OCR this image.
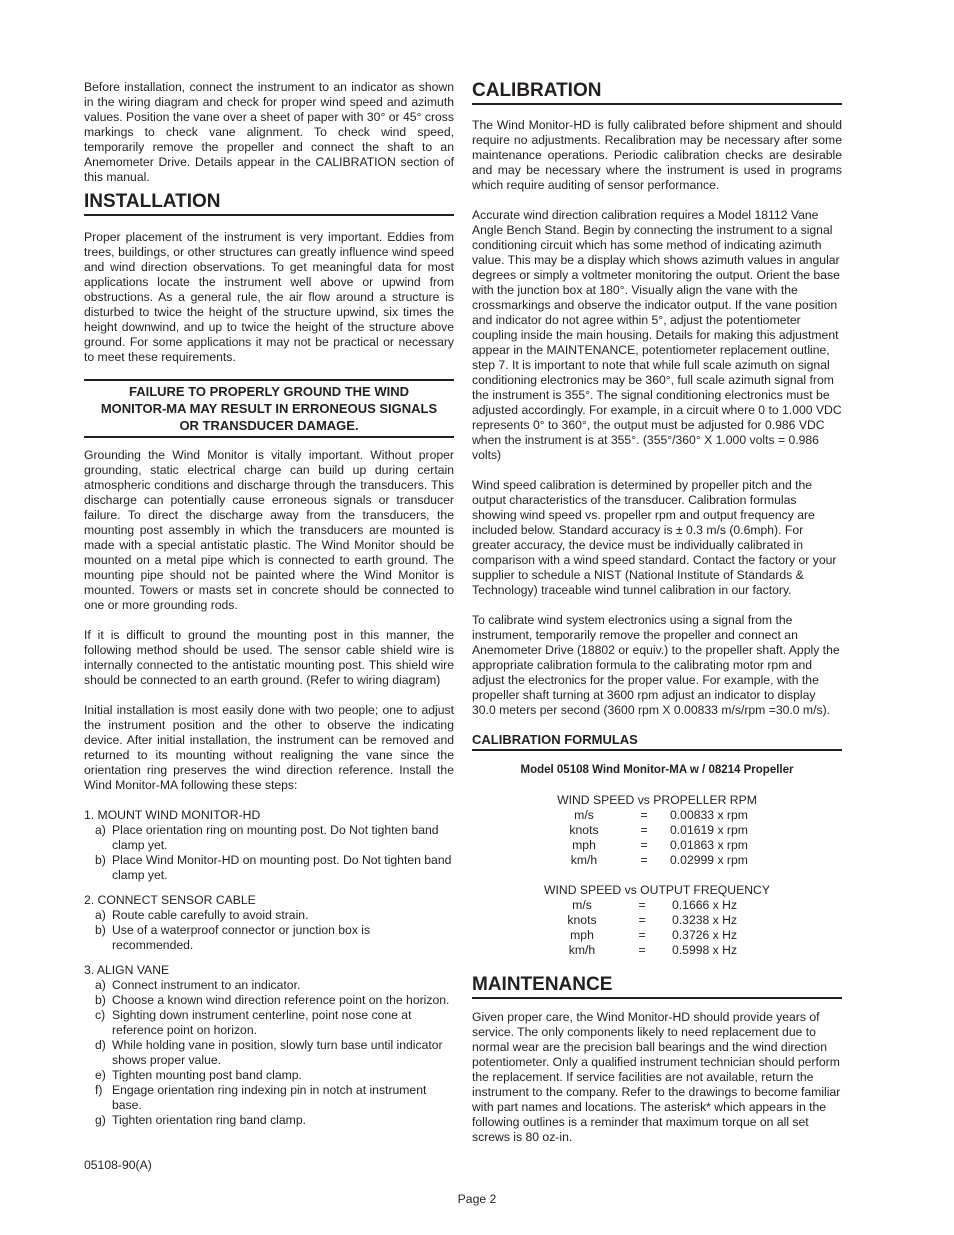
Before installation, connect the instrument to an indicator as shown in the wiring diagram and check for proper wind speed and azimuth values. Position the vane over a sheet of paper with 30° or 45° cross markings to check vane alignment. To check wind speed, temporarily remove the propeller and connect the shaft to an Anemometer Drive. Details appear in the CALIBRATION section of this manual.

INSTALLATION

Proper placement of the instrument is very important. Eddies from trees, buildings, or other structures can greatly influence wind speed and wind direction observations. To get meaningful data for most applications locate the instrument well above or upwind from obstructions. As a general rule, the air flow around a structure is disturbed to twice the height of the structure upwind, six times the height downwind, and up to twice the height of the structure above ground. For some applications it may not be practical or necessary to meet these requirements.

FAILURE TO PROPERLY GROUND THE WIND
MONITOR-MA MAY RESULT IN ERRONEOUS SIGNALS
OR TRANSDUCER DAMAGE.

Grounding the Wind Monitor is vitally important. Without proper grounding, static electrical charge can build up during certain atmospheric conditions and discharge through the transducers. This discharge can potentially cause erroneous signals or transducer failure. To direct the discharge away from the transducers, the mounting post assembly in which the transducers are mounted is made with a special antistatic plastic. The Wind Monitor should be mounted on a metal pipe which is connected to earth ground. The mounting pipe should not be painted where the Wind Monitor is mounted. Towers or masts set in concrete should be connected to one or more grounding rods.

If it is difficult to ground the mounting post in this manner, the following method should be used. The sensor cable shield wire is internally connected to the antistatic mounting post. This shield wire should be connected to an earth ground. (Refer to wiring diagram)

Initial installation is most easily done with two people; one to adjust the instrument position and the other to observe the indicating device. After initial installation, the instrument can be removed and returned to its mounting without realigning the vane since the orientation ring preserves the wind direction reference. Install the Wind Monitor-MA following these steps:

1. MOUNT WIND MONITOR-HD
a) Place orientation ring on mounting post. Do Not tighten band clamp yet.
b) Place Wind Monitor-HD on mounting post. Do Not tighten band clamp yet.
2. CONNECT SENSOR CABLE
a) Route cable carefully to avoid strain.
b) Use of a waterproof connector or junction box is recommended.
3. ALIGN VANE
a) Connect instrument to an indicator.
b) Choose a known wind direction reference point on the horizon.
c) Sighting down instrument centerline, point nose cone at reference point on horizon.
d) While holding vane in position, slowly turn base until indicator shows proper value.
e) Tighten mounting post band clamp.
f) Engage orientation ring indexing pin in notch at instrument base.
g) Tighten orientation ring band clamp.
CALIBRATION

The Wind Monitor-HD is fully calibrated before shipment and should require no adjustments. Recalibration may be necessary after some maintenance operations. Periodic calibration checks are desirable and may be necessary where the instrument is used in programs which require auditing of sensor performance.

Accurate wind direction calibration requires a Model 18112 Vane Angle Bench Stand. Begin by connecting the instrument to a signal conditioning circuit which has some method of indicating azimuth value. This may be a display which shows azimuth values in angular degrees or simply a voltmeter monitoring the output. Orient the base with the junction box at 180°. Visually align the vane with the crossmarkings and observe the indicator output. If the vane position and indicator do not agree within 5°, adjust the potentiometer coupling inside the main housing. Details for making this adjustment appear in the MAINTENANCE, potentiometer replacement outline, step 7. It is important to note that while full scale azimuth on signal conditioning electronics may be 360°, full scale azimuth signal from the instrument is 355°. The signal conditioning electronics must be adjusted accordingly. For example, in a circuit where 0 to 1.000 VDC represents 0° to 360°, the output must be adjusted for 0.986 VDC when the instrument is at 355°. (355°/360° X 1.000 volts = 0.986 volts)

Wind speed calibration is determined by propeller pitch and the output characteristics of the transducer. Calibration formulas showing wind speed vs. propeller rpm and output frequency are included below. Standard accuracy is ± 0.3 m/s (0.6mph). For greater accuracy, the device must be individually calibrated in comparison with a wind speed standard. Contact the factory or your supplier to schedule a NIST (National Institute of Standards & Technology) traceable wind tunnel calibration in our factory.

To calibrate wind system electronics using a signal from the instrument, temporarily remove the propeller and connect an Anemometer Drive (18802 or equiv.) to the propeller shaft. Apply the appropriate calibration formula to the calibrating motor rpm and adjust the electronics for the proper value. For example, with the propeller shaft turning at 3600 rpm adjust an indicator to display 30.0 meters per second (3600 rpm X 0.00833 m/s/rpm =30.0 m/s).

CALIBRATION FORMULAS
Model 05108 Wind Monitor-MA w / 08214 Propeller
WIND SPEED vs PROPELLER RPM		
m/s	=	0.00833 x rpm
knots	=	0.01619 x rpm
mph	=	0.01863 x rpm
km/h	=	0.02999 x rpm
WIND SPEED vs OUTPUT FREQUENCY		
m/s	=	0.1666 x Hz
knots	=	0.3238 x Hz
mph	=	0.3726 x Hz
km/h	=	0.5998 x Hz
MAINTENANCE

Given proper care, the Wind Monitor-HD should provide years of service. The only components likely to need replacement due to normal wear are the precision ball bearings and the wind direction potentiometer. Only a qualified instrument technician should perform the replacement. If service facilities are not available, return the instrument to the company. Refer to the drawings to become familiar with part names and locations. The asterisk* which appears in the following outlines is a reminder that maximum torque on all set screws is 80 oz-in.

05108-90(A)
Page 2
